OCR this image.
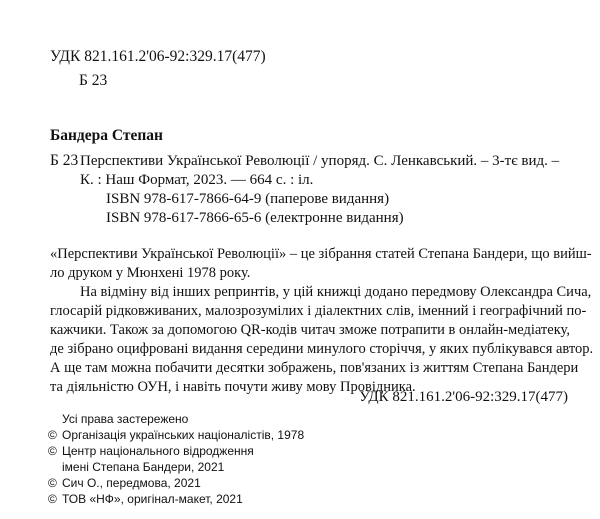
УДК 821.161.2'06-92:329.17(477)
Б 23
Бандера Степан
Б 23 Перспективи Української Революції / упоряд. С. Ленкавський. – 3-тє вид. –
К. : Наш Формат, 2023. — 664 с. : іл.
ISBN 978-617-7866-64-9 (паперове видання)
ISBN 978-617-7866-65-6 (електронне видання)
«Перспективи Української Революції» – це зібрання статей Степана Бандери, що вийш-
ло друком у Мюнхені 1978 року.
На відміну від інших репринтів, у цій книжці додано передмову Олександра Сича,
глосарій рідковживаних, малозрозумілих і діалектних слів, іменний і географічний по-
кажчики. Також за допомогою QR-кодів читач зможе потрапити в онлайн-медіатеку,
де зібрано оцифровані видання середини минулого сторіччя, у яких публікувався автор.
А ще там можна побачити десятки зображень, пов'язаних із життям Степана Бандери
та діяльністю ОУН, і навіть почути живу мову Провідника.
УДК 821.161.2'06-92:329.17(477)
Усі права застережено
© Організація українських націоналістів, 1978
© Центр національного відродження
імені Степана Бандери, 2021
© Сич О., передмова, 2021
© ТОВ «НФ», оригінал-макет, 2021
